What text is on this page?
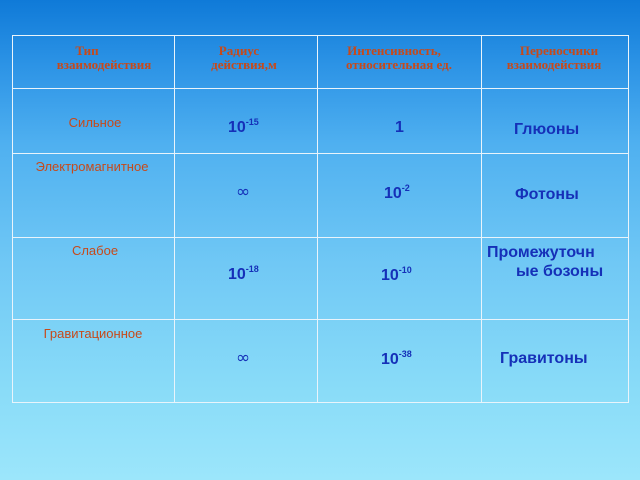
Тип
взаимодействия
Радиус
действия,м
Интенсивность,
относительная ед.
Переносчики
взаимодействия
Сильное
Электромагнитное
Слабое
Гравитационное
$10^{-15}$
∞
$10^{-18}$
∞
1
$10^{-2}$
$10^{-10}$
$10^{-38}$
Глюоны
Фотоны
Промежуточн
ые бозоны
Гравитоны
